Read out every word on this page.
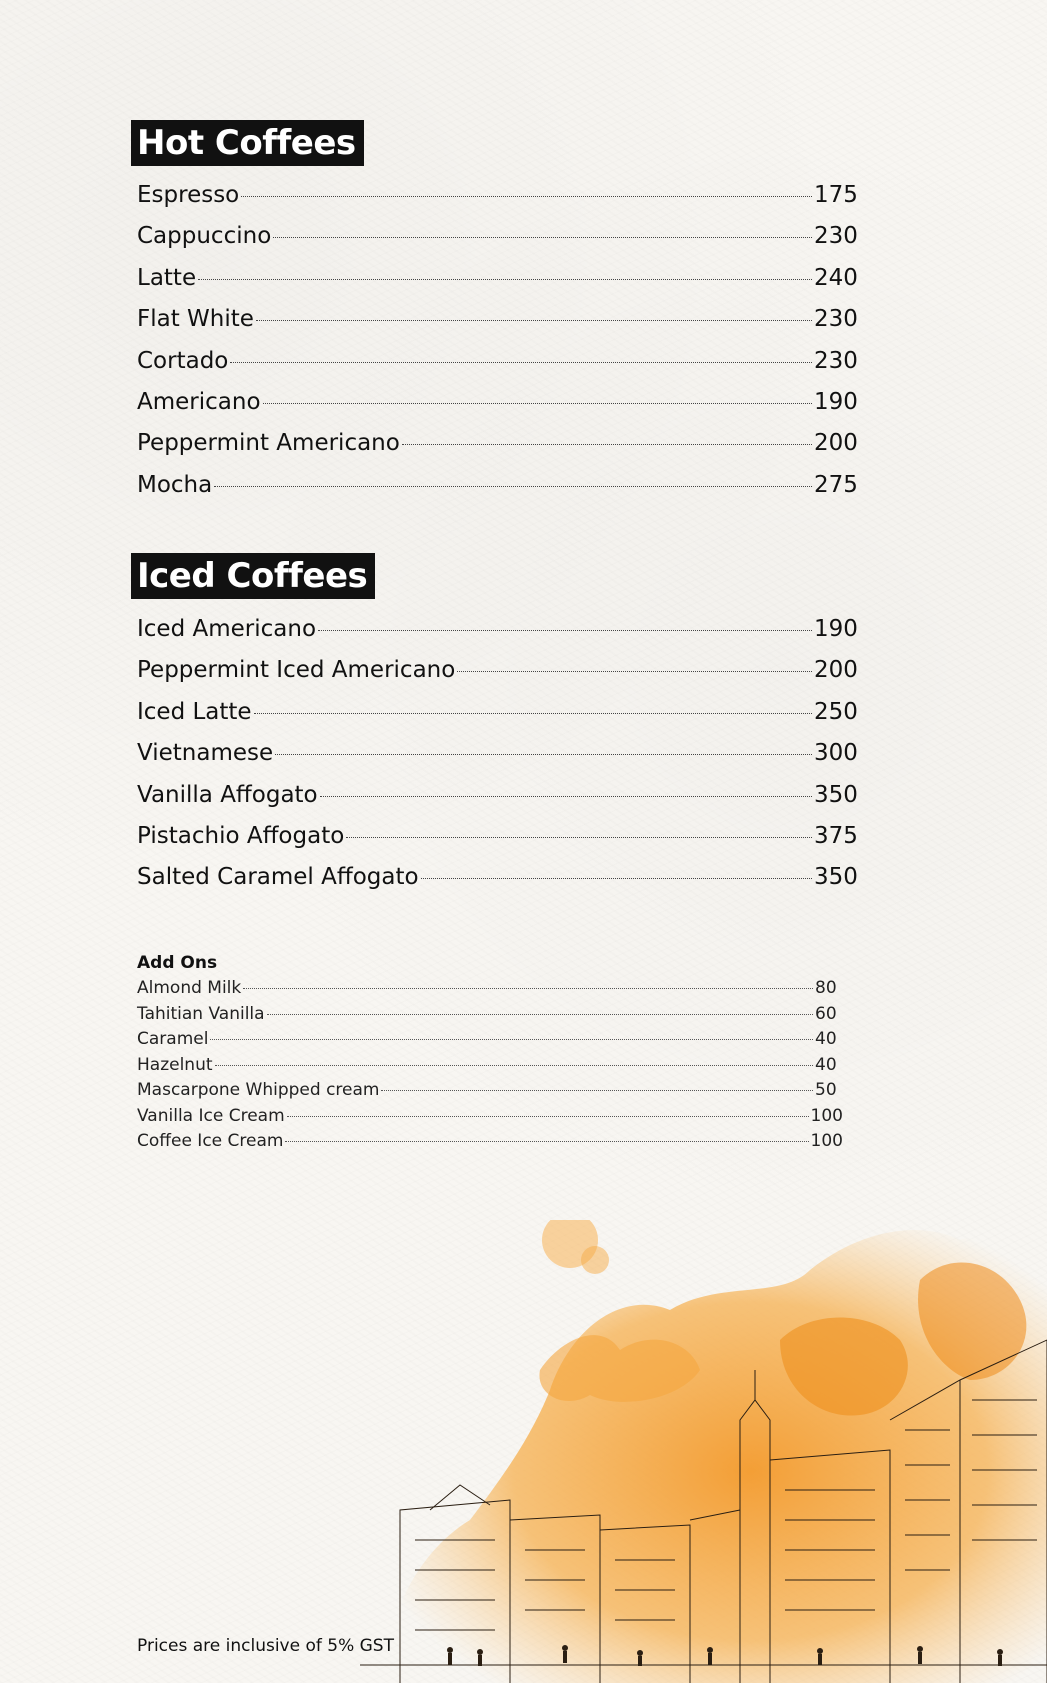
Hot Coffees
Espresso	175
Cappuccino	230
Latte	240
Flat White	230
Cortado	230
Americano	190
Peppermint Americano	200
Mocha	275
Iced Coffees
Iced Americano	190
Peppermint Iced Americano	200
Iced Latte	250
Vietnamese	300
Vanilla Affogato	350
Pistachio Affogato	375
Salted Caramel Affogato	350
Add Ons
Almond Milk	80
Tahitian Vanilla	60
Caramel	40
Hazelnut	40
Mascarpone Whipped cream	50
Vanilla Ice Cream	100
Coffee Ice Cream	100
Prices are inclusive of 5% GST
